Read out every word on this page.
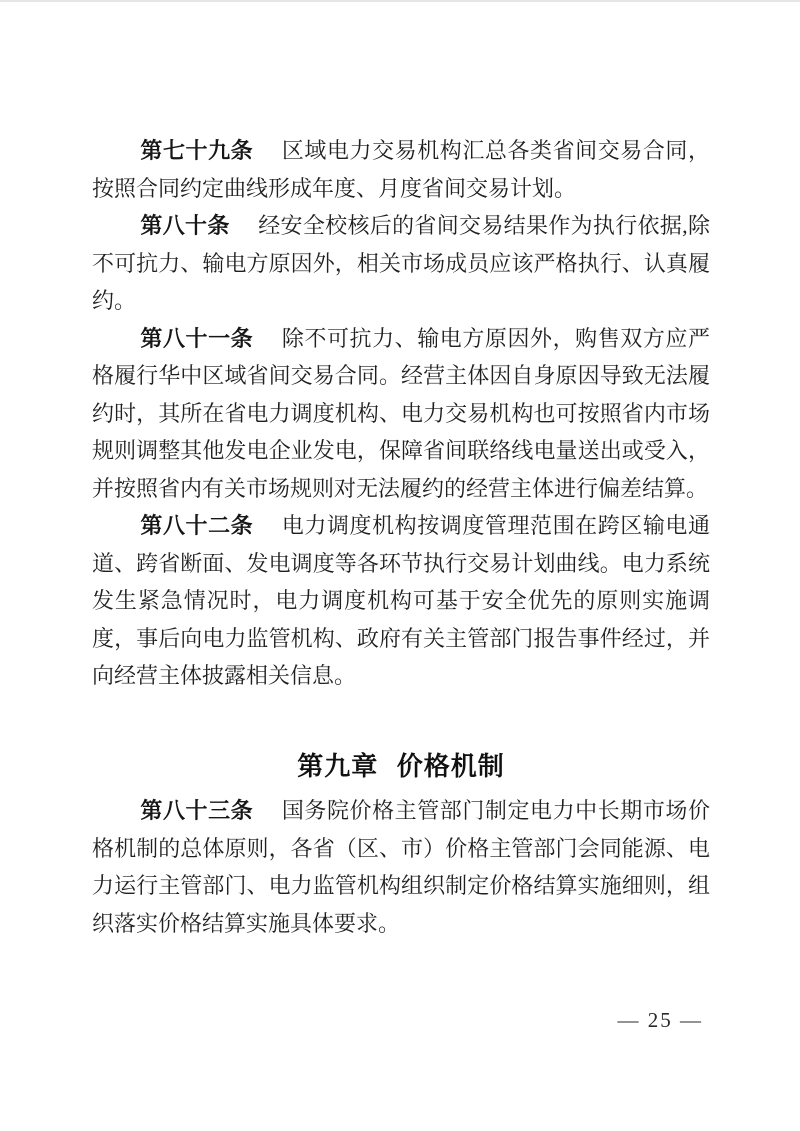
第七十九条 区域电力交易机构汇总各类省间交易合同，按照合同约定曲线形成年度、月度省间交易计划。

第八十条 经安全校核后的省间交易结果作为执行依据,除不可抗力、输电方原因外，相关市场成员应该严格执行、认真履约。

第八十一条 除不可抗力、输电方原因外，购售双方应严格履行华中区域省间交易合同。经营主体因自身原因导致无法履约时，其所在省电力调度机构、电力交易机构也可按照省内市场规则调整其他发电企业发电，保障省间联络线电量送出或受入，并按照省内有关市场规则对无法履约的经营主体进行偏差结算。

第八十二条 电力调度机构按调度管理范围在跨区输电通道、跨省断面、发电调度等各环节执行交易计划曲线。电力系统发生紧急情况时，电力调度机构可基于安全优先的原则实施调度，事后向电力监管机构、政府有关主管部门报告事件经过，并向经营主体披露相关信息。

第九章 价格机制

第八十三条 国务院价格主管部门制定电力中长期市场价格机制的总体原则，各省（区、市）价格主管部门会同能源、电力运行主管部门、电力监管机构组织制定价格结算实施细则，组织落实价格结算实施具体要求。

— 25 —
